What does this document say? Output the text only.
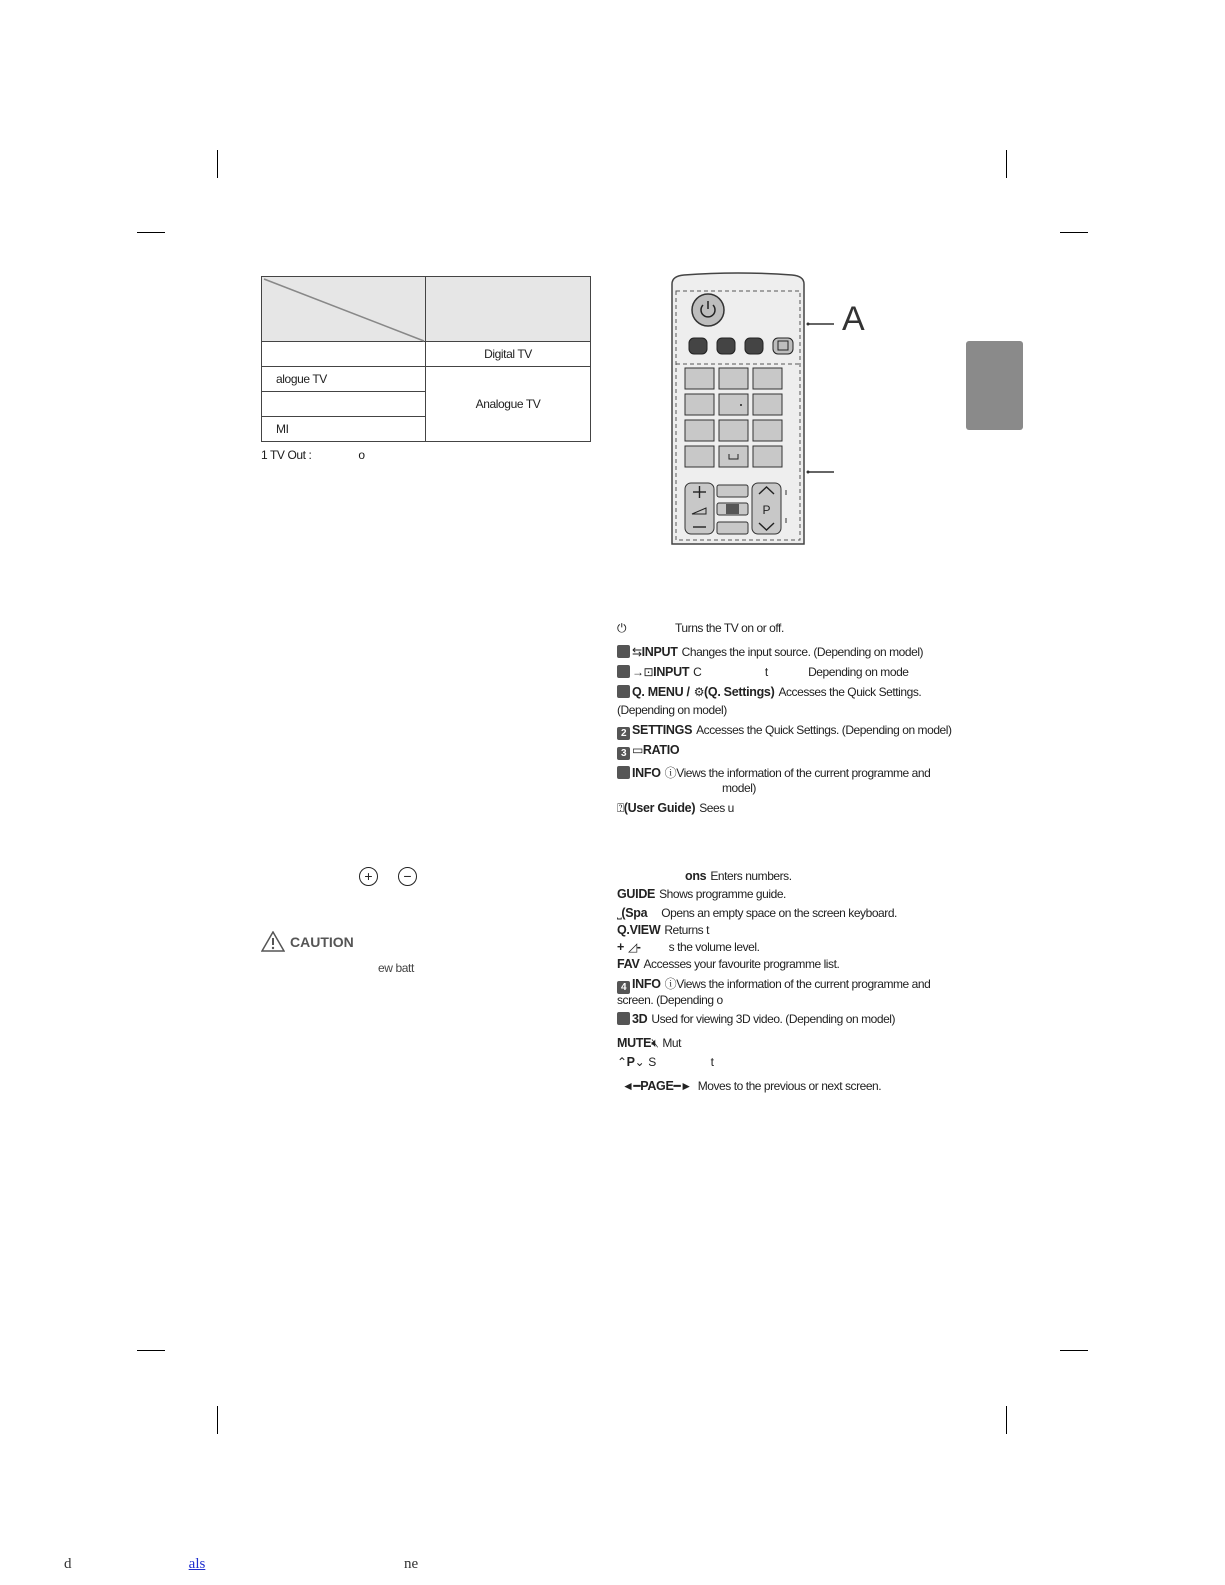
	Digital TV
alogue TV	Analogue TV

MI	
1 TV Out :                o
+ −
CAUTION
ew batt
P
A
⏻	Turns the TV on or off.
⇆INPUT Changes the input source. (Depending on model)
→⊡INPUT C                      t              Depending on mode
Q. MENU / ⚙(Q. Settings) Accesses the Quick Settings.
(Depending on model)
2 SETTINGS Accesses the Quick Settings. (Depending on model)
3 ▭RATIO
INFO ⓘViews the information of the current programme and
model)
⍰(User Guide) Sees u
ons Enters numbers.
GUIDE Shows programme guide.
⎵(Spa Opens an empty space on the screen keyboard.
Q.VIEW Returns t
+ ◿- s the volume level.
FAV Accesses your favourite programme list.
4 INFO ⓘViews the information of the current programme and
screen. (Depending o
3D Used for viewing 3D video. (Depending on model)
MUTE🔇︎ Mut
⌃P⌄ S                   t
◄━PAGE━► Moves to the previous or next screen.
d	als	ne
